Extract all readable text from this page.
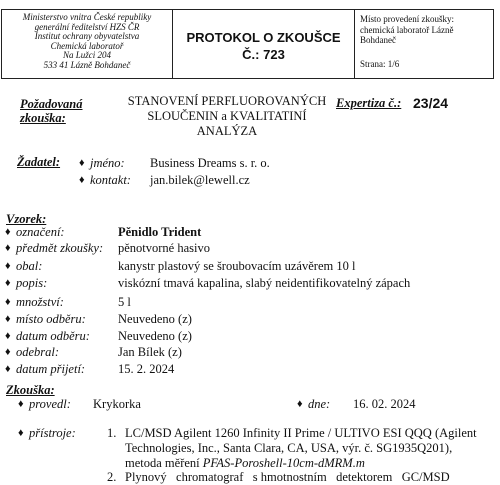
Ministerstvo vnitra České republiky
generální ředitelství HZS ČR
Institut ochrany obyvatelstva
Chemická laboratoř
Na Lužci 204
533 41 Lázně Bohdaneč
PROTOKOL O ZKOUŠCE
Č.: 723
Místo provedení zkoušky:
chemická laboratoř Lázně
Bohdaneč
Strana: 1/6
Požadovaná
zkouška:
STANOVENÍ PERFLUOROVANÝCH
SLOUČENIN a KVALITATINÍ
ANALÝZA
Expertiza č.: 23/24
Žadatel: ♦ jméno: Business Dreams s. r. o.
♦ kontakt: jan.bilek@lewell.cz
Vzorek:
♦ označení:	Pěnidlo Trident
♦ předmět zkoušky: pěnotvorné hasivo
♦ obal:	kanystr plastový se šroubovacím uzávěrem 10 l
♦ popis:	viskózní tmavá kapalina, slabý neidentifikovatelný zápach
♦ množství:	5 l
♦ místo odběru:	Neuvedeno (z)
♦ datum odběru: Neuvedeno (z)
♦ odebral:	Jan Bílek (z)
♦ datum přijetí:	15. 2. 2024
Zkouška:
♦ provedl: Krykorka	♦ dne: 16. 02. 2024
♦ přístroje: 1. LC/MSD Agilent 1260 Infinity II Prime / ULTIVO ESI QQQ (Agilent
Technologies, Inc., Santa Clara, CA, USA, výr. č. SG1935Q201),
metoda měření PFAS-Poroshell-10cm-dMRM.m
2. Plynový   chromatograf   s hmotnostním   detektorem   GC/MSD
